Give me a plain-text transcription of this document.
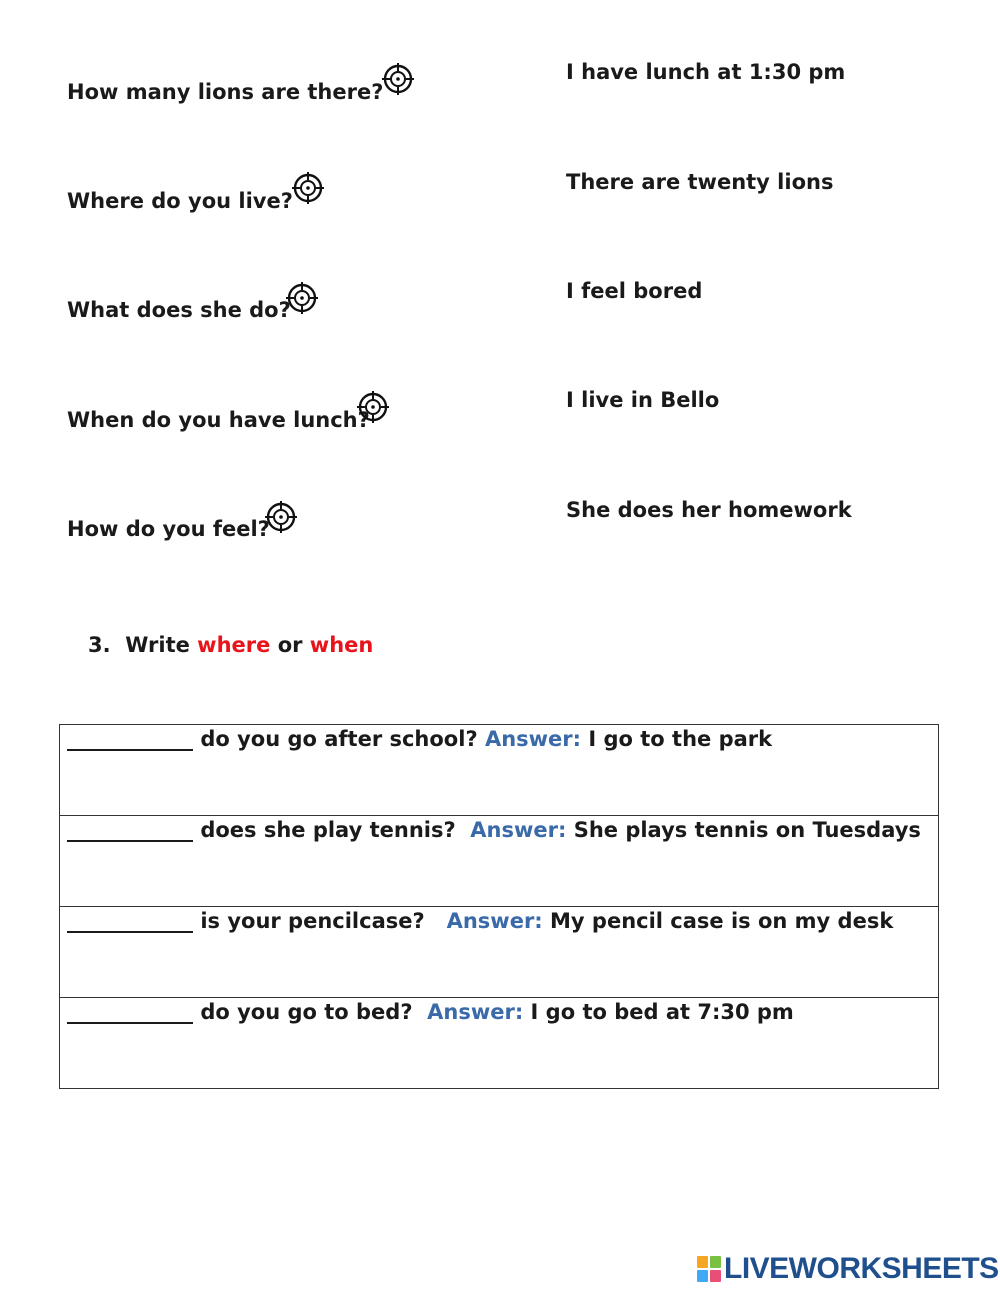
How many lions are there?
Where do you live?
What does she do?
When do you have lunch?
How do you feel?
I have lunch at 1:30 pm
There are twenty lions
I feel bored
I live in Bello
She does her homework
3. Write where or when
____________ do you go after school? Answer: I go to the park
____________ does she play tennis? Answer: She plays tennis on Tuesdays
____________ is your pencilcase? Answer: My pencil case is on my desk
____________ do you go to bed? Answer: I go to bed at 7:30 pm
LIVEWORKSHEETS
